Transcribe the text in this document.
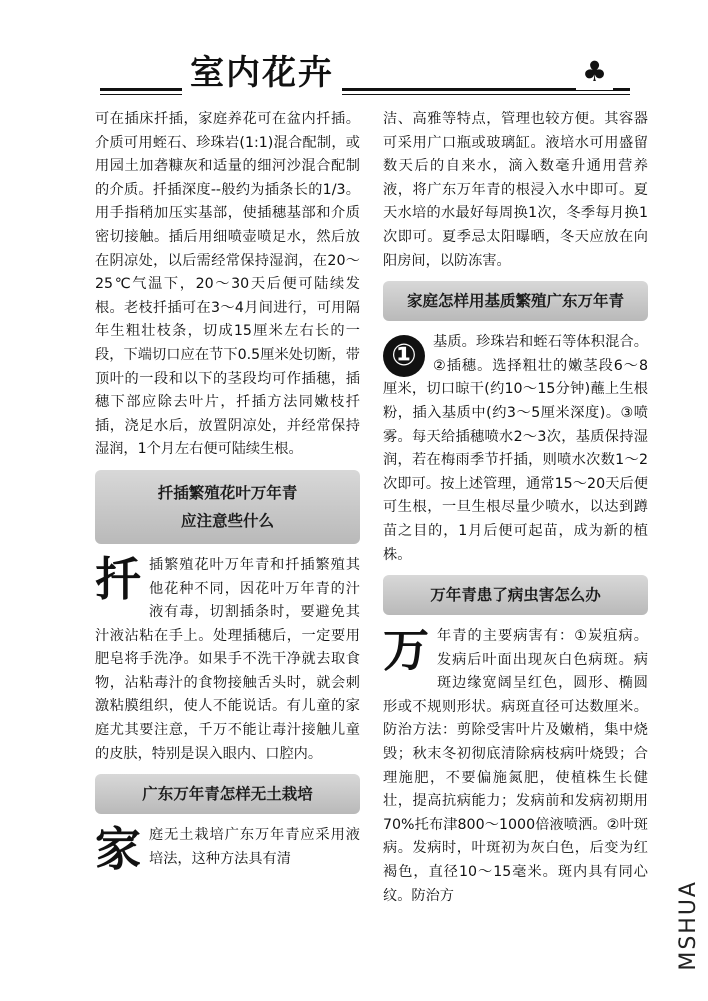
室内花卉	♣

可在插床扦插，家庭养花可在盆内扦插。介质可用蛭石、珍珠岩(1:1)混合配制，或用园土加砻糠灰和适量的细河沙混合配制的介质。扦插深度--般约为插条长的1/3。用手指稍加压实基部，使插穗基部和介质密切接触。插后用细喷壶喷足水，然后放在阴凉处，以后需经常保持湿润，在20～25℃气温下，20～30天后便可陆续发根。老枝扦插可在3～4月间进行，可用隔年生粗壮枝条，切成15厘米左右长的一段，下端切口应在节下0.5厘米处切断，带顶叶的一段和以下的茎段均可作插穗，插穗下部应除去叶片，扦插方法同嫩枝扦插，浇足水后，放置阴凉处，并经常保持湿润，1个月左右便可陆续生根。

扦插繁殖花叶万年青
应注意些什么

扦插繁殖花叶万年青和扦插繁殖其他花种不同，因花叶万年青的汁液有毒，切割插条时，要避免其汁液沾粘在手上。处理插穗后，一定要用肥皂将手洗净。如果手不洗干净就去取食物，沾粘毒汁的食物接触舌头时，就会刺激粘膜组织，使人不能说话。有儿童的家庭尤其要注意，千万不能让毒汁接触儿童的皮肤，特别是误入眼内、口腔内。

广东万年青怎样无土栽培

家庭无土栽培广东万年青应采用液培法，这种方法具有清

洁、高雅等特点，管理也较方便。其容器可采用广口瓶或玻璃缸。液培水可用盛留数天后的自来水，滴入数毫升通用营养液，将广东万年青的根浸入水中即可。夏天水培的水最好每周换1次，冬季每月换1次即可。夏季忌太阳曝晒，冬天应放在向阳房间，以防冻害。

家庭怎样用基质繁殖广东万年青

①	基质。珍珠岩和蛭石等体积混合。②插穗。选择粗壮的嫩茎段6～8厘米，切口晾干(约10～15分钟)蘸上生根粉，插入基质中(约3～5厘米深度)。③喷雾。每天给插穗喷水2～3次，基质保持湿润，若在梅雨季节扦插，则喷水次数1～2次即可。按上述管理，通常15～20天后便可生根，一旦生根尽量少喷水，以达到蹲苗之目的，1月后便可起苗，成为新的植株。

万年青患了病虫害怎么办

万年青的主要病害有：①炭疽病。发病后叶面出现灰白色病斑。病斑边缘宽阔呈红色，圆形、椭圆形或不规则形状。病斑直径可达数厘米。防治方法：剪除受害叶片及嫩梢，集中烧毁；秋末冬初彻底清除病枝病叶烧毁；合理施肥，不要偏施氮肥，使植株生长健壮，提高抗病能力；发病前和发病初期用70%托布津800～1000倍液喷洒。②叶斑病。发病时，叶斑初为灰白色，后变为红褐色，直径10～15毫米。斑内具有同心纹。防治方	MSHUA
